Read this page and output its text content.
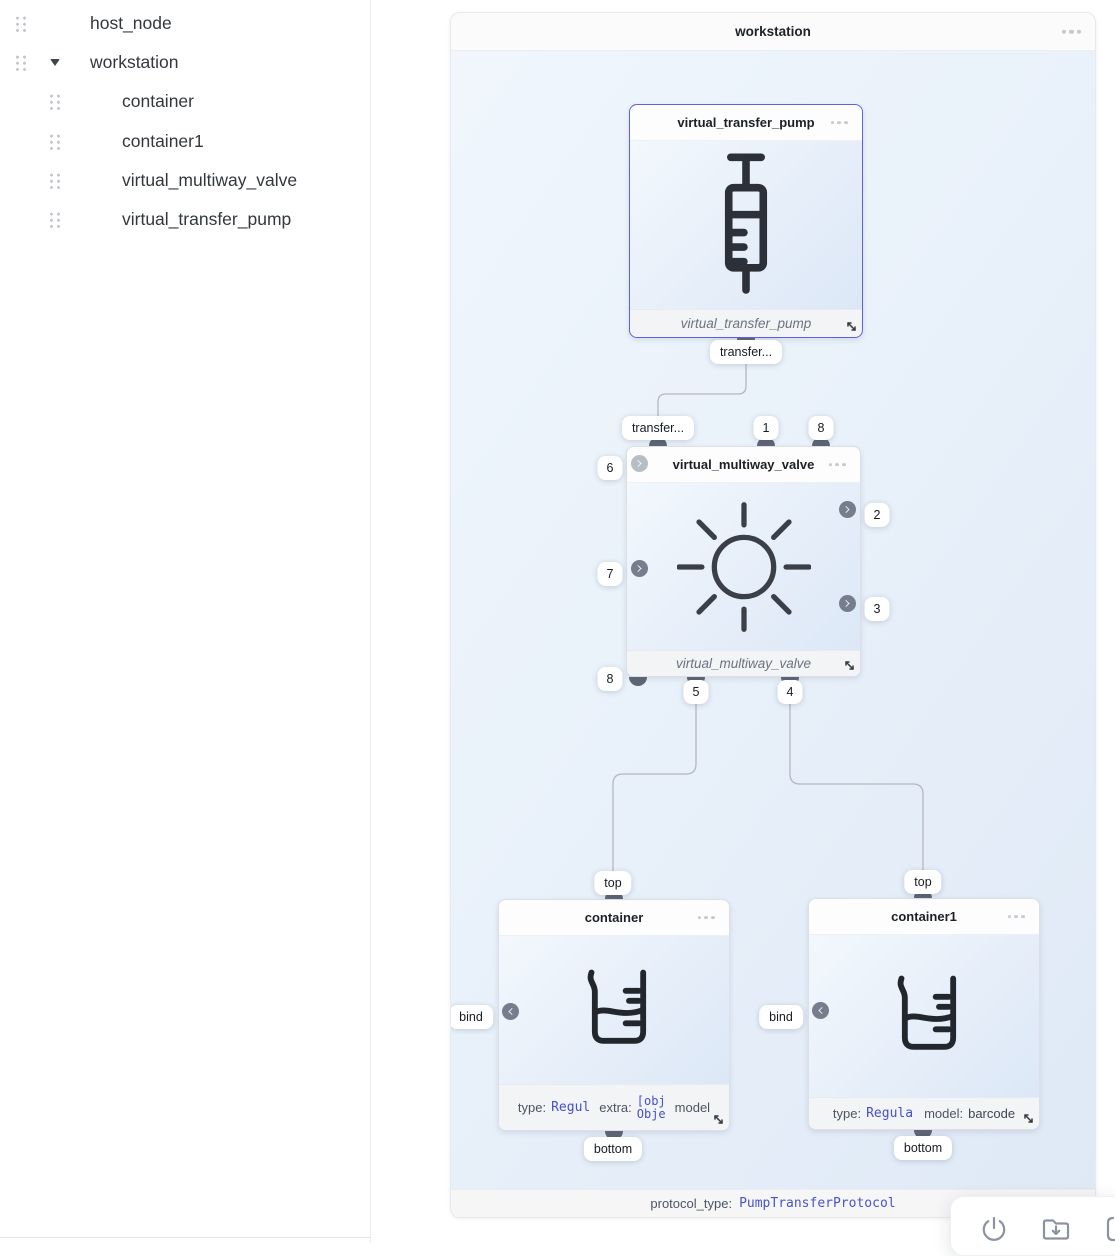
host_node
workstation
container
container1
virtual_multiway_valve
virtual_transfer_pump
workstation
virtual_transfer_pump
virtual_transfer_pump
transfer...
virtual_multiway_valve
virtual_multiway_valve
transfer...	1	8
6
7
8
2
3
5	4
container
type: Regul extra: [obj
Obje model
top
bind
bottom
container1
type: Regula model: barcode
top
bind
bottom
protocol_type: PumpTransferProtocol
